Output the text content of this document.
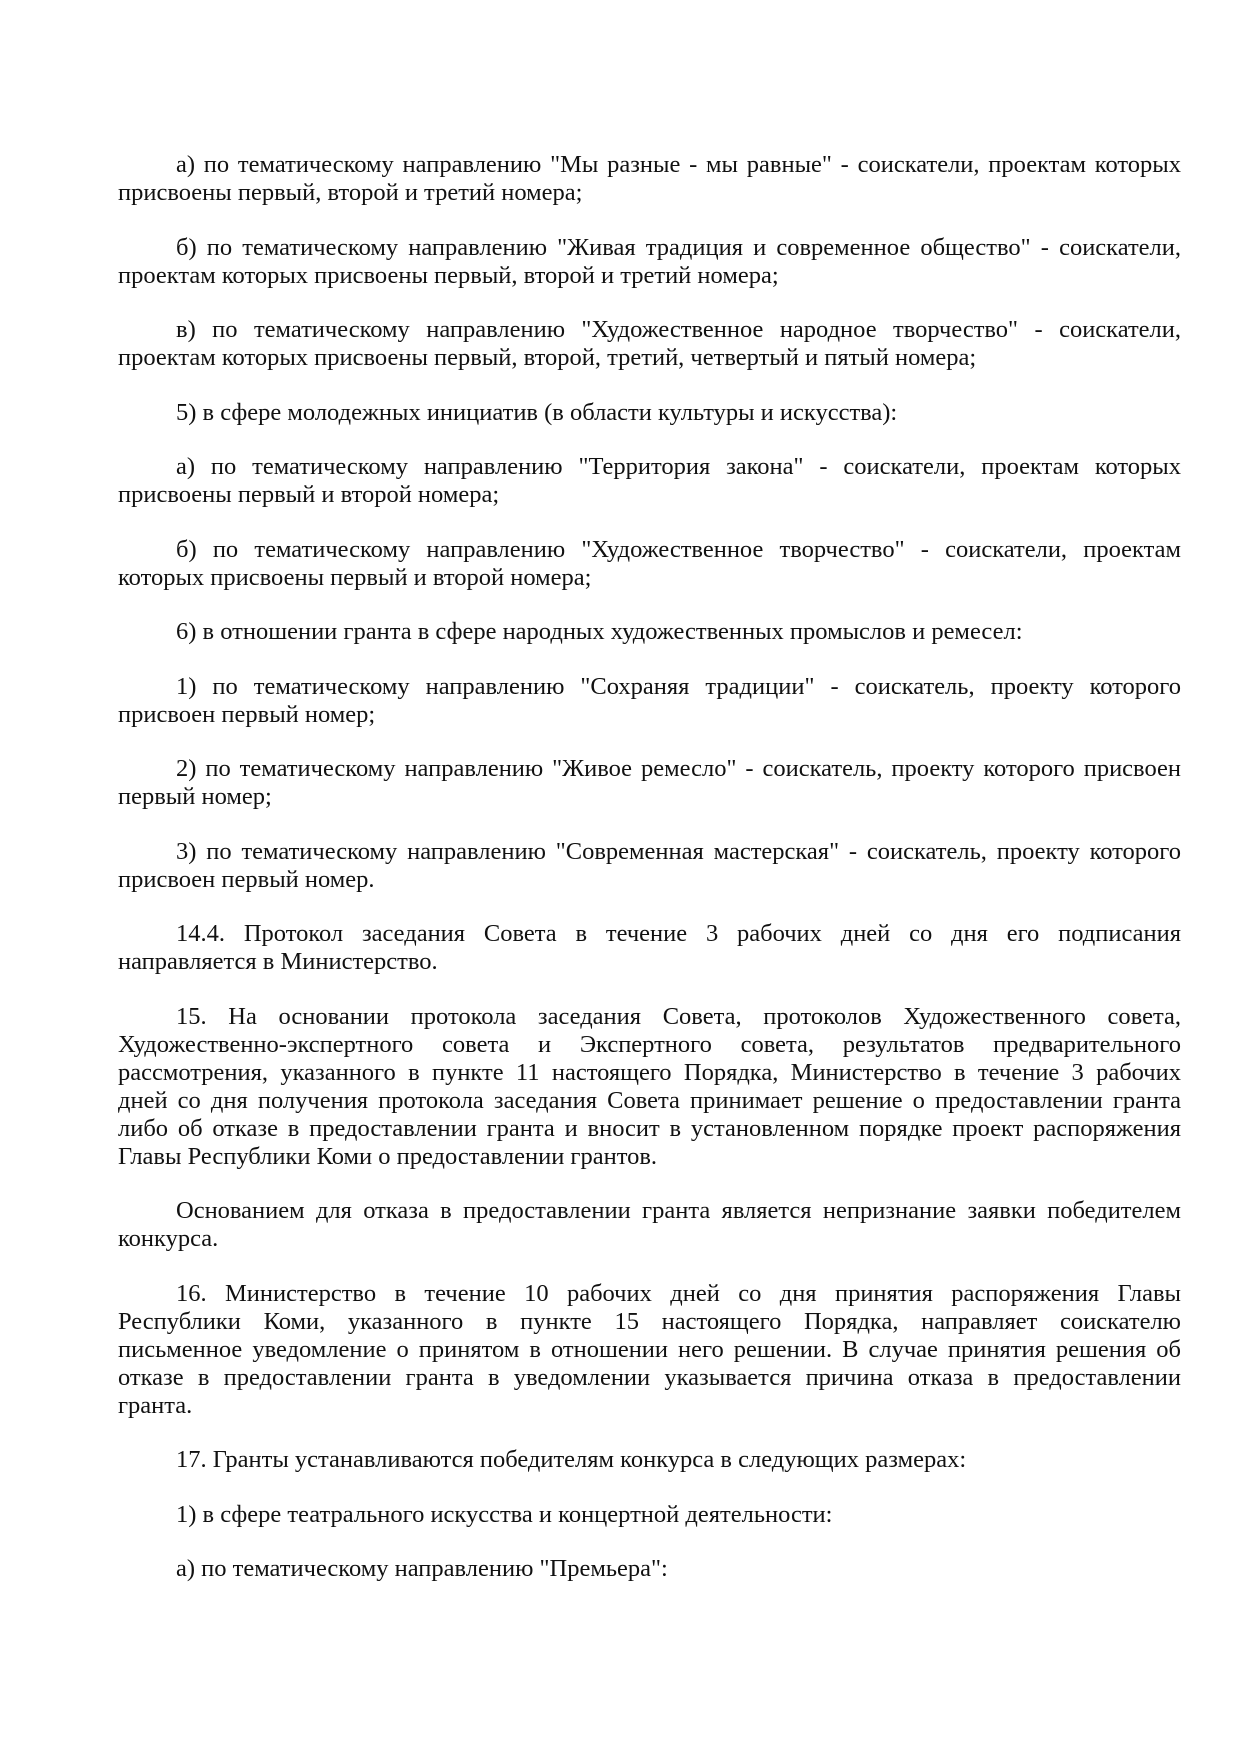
а) по тематическому направлению "Мы разные - мы равные" - соискатели, проектам которых
присвоены первый, второй и третий номера;
б) по тематическому направлению "Живая традиция и современное общество" - соискатели,
проектам которых присвоены первый, второй и третий номера;
в) по тематическому направлению "Художественное народное творчество" - соискатели,
проектам которых присвоены первый, второй, третий, четвертый и пятый номера;
5) в сфере молодежных инициатив (в области культуры и искусства):
а) по тематическому направлению "Территория закона" - соискатели, проектам которых
присвоены первый и второй номера;
б) по тематическому направлению "Художественное творчество" - соискатели, проектам
которых присвоены первый и второй номера;
6) в отношении гранта в сфере народных художественных промыслов и ремесел:
1) по тематическому направлению "Сохраняя традиции" - соискатель, проекту которого
присвоен первый номер;
2) по тематическому направлению "Живое ремесло" - соискатель, проекту которого присвоен
первый номер;
3) по тематическому направлению "Современная мастерская" - соискатель, проекту которого
присвоен первый номер.
14.4. Протокол заседания Совета в течение 3 рабочих дней со дня его подписания
направляется в Министерство.
15. На основании протокола заседания Совета, протоколов Художественного совета,
Художественно-экспертного совета и Экспертного совета, результатов предварительного
рассмотрения, указанного в пункте 11 настоящего Порядка, Министерство в течение 3 рабочих
дней со дня получения протокола заседания Совета принимает решение о предоставлении гранта
либо об отказе в предоставлении гранта и вносит в установленном порядке проект распоряжения
Главы Республики Коми о предоставлении грантов.
Основанием для отказа в предоставлении гранта является непризнание заявки победителем
конкурса.
16. Министерство в течение 10 рабочих дней со дня принятия распоряжения Главы
Республики Коми, указанного в пункте 15 настоящего Порядка, направляет соискателю
письменное уведомление о принятом в отношении него решении. В случае принятия решения об
отказе в предоставлении гранта в уведомлении указывается причина отказа в предоставлении
гранта.
17. Гранты устанавливаются победителям конкурса в следующих размерах:
1) в сфере театрального искусства и концертной деятельности:
а) по тематическому направлению "Премьера":
